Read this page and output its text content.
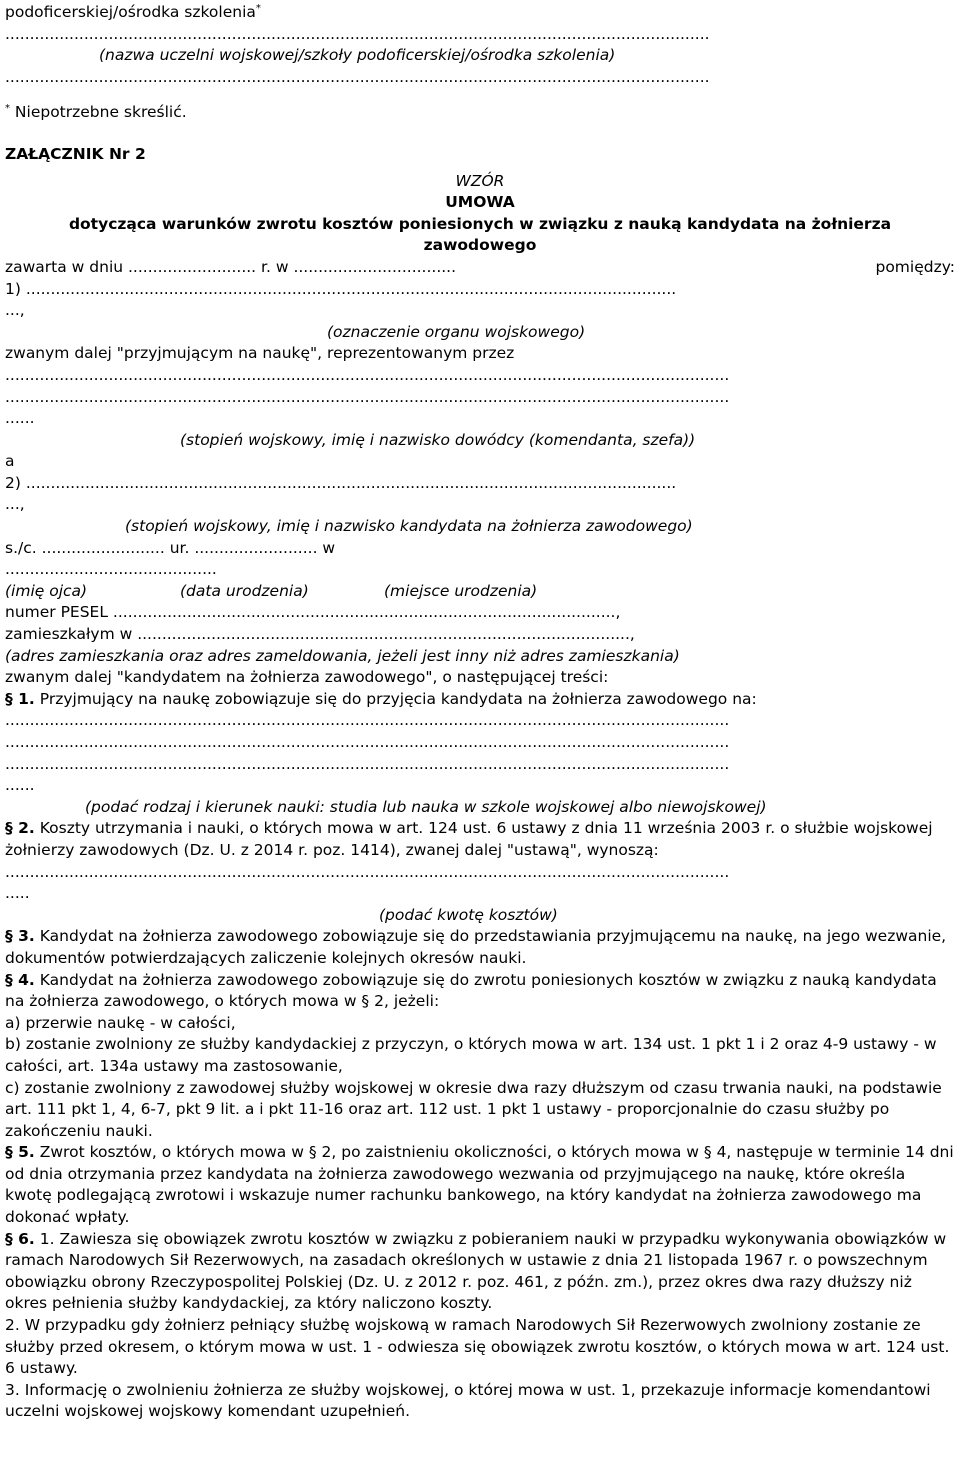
podoficerskiej/ośrodka szkolenia*
...............................................................................................................................................
(nazwa uczelni wojskowej/szkoły podoficerskiej/ośrodka szkolenia)
...............................................................................................................................................
* Niepotrzebne skreślić.
ZAŁĄCZNIK Nr 2
WZÓR
UMOWA
dotycząca warunków zwrotu kosztów poniesionych w związku z nauką kandydata na żołnierza
zawodowego
zawarta w dniu .......................... r. w .................................	pomiędzy:
1) ....................................................................................................................................
...,
(oznaczenie organu wojskowego)
zwanym dalej "przyjmującym na naukę", reprezentowanym przez
...................................................................................................................................................
...................................................................................................................................................
......
(stopień wojskowy, imię i nazwisko dowódcy (komendanta, szefa))
a
2) ....................................................................................................................................
...,
(stopień wojskowy, imię i nazwisko kandydata na żołnierza zawodowego)
s./c. ......................... ur. ......................... w
...........................................
(imię ojca)	(data urodzenia)	(miejsce urodzenia)
numer PESEL ......................................................................................................,
zamieszkałym w ....................................................................................................,
(adres zamieszkania oraz adres zameldowania, jeżeli jest inny niż adres zamieszkania)
zwanym dalej "kandydatem na żołnierza zawodowego", o następującej treści:
§ 1. Przyjmujący na naukę zobowiązuje się do przyjęcia kandydata na żołnierza zawodowego na:
...................................................................................................................................................
...................................................................................................................................................
...................................................................................................................................................
......
(podać rodzaj i kierunek nauki: studia lub nauka w szkole wojskowej albo niewojskowej)
§ 2. Koszty utrzymania i nauki, o których mowa w art. 124 ust. 6 ustawy z dnia 11 września 2003 r. o służbie wojskowej żołnierzy zawodowych (Dz. U. z 2014 r. poz. 1414), zwanej dalej "ustawą", wynoszą:
...................................................................................................................................................
.....
(podać kwotę kosztów)
§ 3. Kandydat na żołnierza zawodowego zobowiązuje się do przedstawiania przyjmującemu na naukę, na jego wezwanie, dokumentów potwierdzających zaliczenie kolejnych okresów nauki.
§ 4. Kandydat na żołnierza zawodowego zobowiązuje się do zwrotu poniesionych kosztów w związku z nauką kandydata na żołnierza zawodowego, o których mowa w § 2, jeżeli:
a) przerwie naukę - w całości,
b) zostanie zwolniony ze służby kandydackiej z przyczyn, o których mowa w art. 134 ust. 1 pkt 1 i 2 oraz 4-9 ustawy - w całości, art. 134a ustawy ma zastosowanie,
c) zostanie zwolniony z zawodowej służby wojskowej w okresie dwa razy dłuższym od czasu trwania nauki, na podstawie art. 111 pkt 1, 4, 6-7, pkt 9 lit. a i pkt 11-16 oraz art. 112 ust. 1 pkt 1 ustawy - proporcjonalnie do czasu służby po zakończeniu nauki.
§ 5. Zwrot kosztów, o których mowa w § 2, po zaistnieniu okoliczności, o których mowa w § 4, następuje w terminie 14 dni od dnia otrzymania przez kandydata na żołnierza zawodowego wezwania od przyjmującego na naukę, które określa kwotę podlegającą zwrotowi i wskazuje numer rachunku bankowego, na który kandydat na żołnierza zawodowego ma dokonać wpłaty.
§ 6. 1. Zawiesza się obowiązek zwrotu kosztów w związku z pobieraniem nauki w przypadku wykonywania obowiązków w ramach Narodowych Sił Rezerwowych, na zasadach określonych w ustawie z dnia 21 listopada 1967 r. o powszechnym obowiązku obrony Rzeczypospolitej Polskiej (Dz. U. z 2012 r. poz. 461, z późn. zm.), przez okres dwa razy dłuższy niż okres pełnienia służby kandydackiej, za który naliczono koszty.
2. W przypadku gdy żołnierz pełniący służbę wojskową w ramach Narodowych Sił Rezerwowych zwolniony zostanie ze służby przed okresem, o którym mowa w ust. 1 - odwiesza się obowiązek zwrotu kosztów, o których mowa w art. 124 ust. 6 ustawy.
3. Informację o zwolnieniu żołnierza ze służby wojskowej, o której mowa w ust. 1, przekazuje informacje komendantowi uczelni wojskowej wojskowy komendant uzupełnień.
